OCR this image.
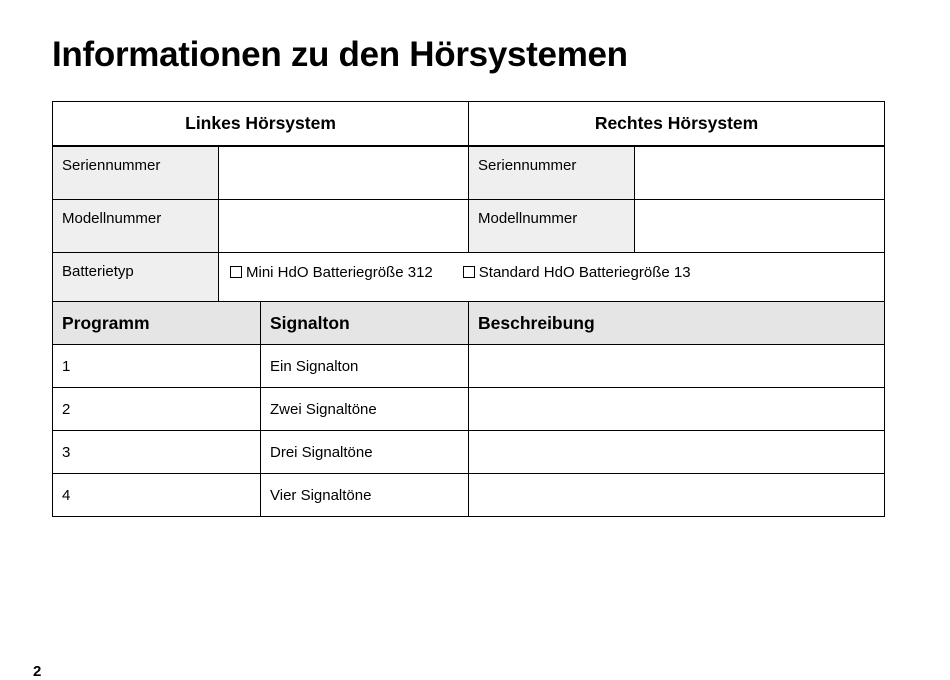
Informationen zu den Hörsystemen
Linkes Hörsystem		Rechtes Hörsystem	
Seriennummer		Seriennummer	
Modellnummer		Modellnummer	
Batterietyp	Mini HdO Batteriegröße 312 Standard HdO Batteriegröße 13		
Programm	Signalton	Beschreibung
1	Ein Signalton	
2	Zwei Signaltöne	
3	Drei Signaltöne	
4	Vier Signaltöne	
2
